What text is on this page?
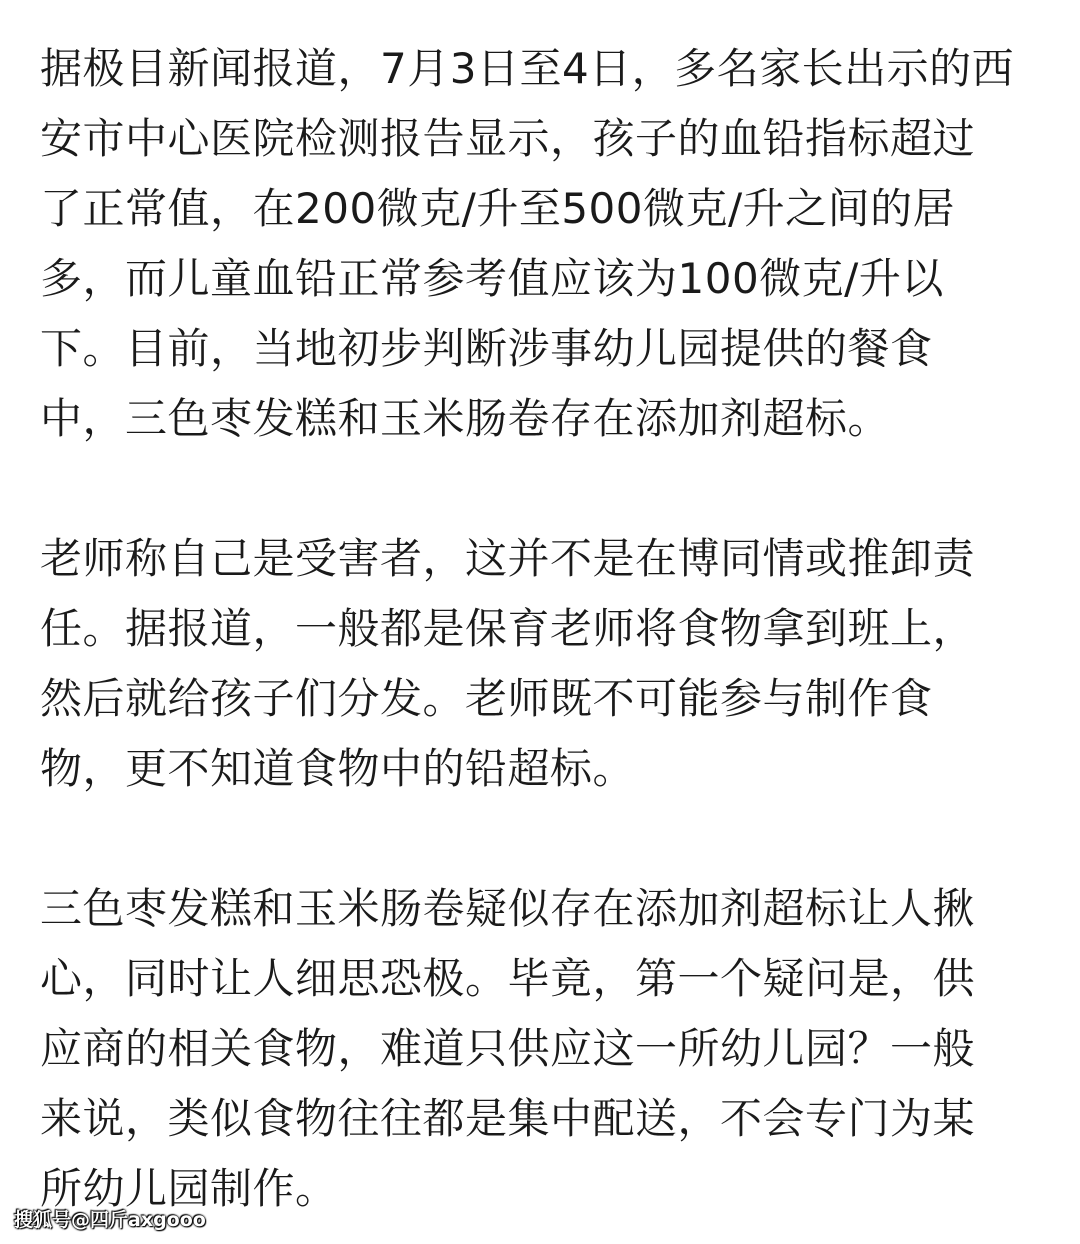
据极目新闻报道，7月3日至4日，多名家长出示的西
安市中心医院检测报告显示，孩子的血铅指标超过
了正常值，在200微克/升至500微克/升之间的居
多，而儿童血铅正常参考值应该为100微克/升以
下。目前，当地初步判断涉事幼儿园提供的餐食
中，三色枣发糕和玉米肠卷存在添加剂超标。
老师称自己是受害者，这并不是在博同情或推卸责
任。据报道，一般都是保育老师将食物拿到班上，
然后就给孩子们分发。老师既不可能参与制作食
物，更不知道食物中的铅超标。
三色枣发糕和玉米肠卷疑似存在添加剂超标让人揪
心，同时让人细思恐极。毕竟，第一个疑问是，供
应商的相关食物，难道只供应这一所幼儿园？一般
来说，类似食物往往都是集中配送，不会专门为某
所幼儿园制作。
搜狐号@四斤axgooo
